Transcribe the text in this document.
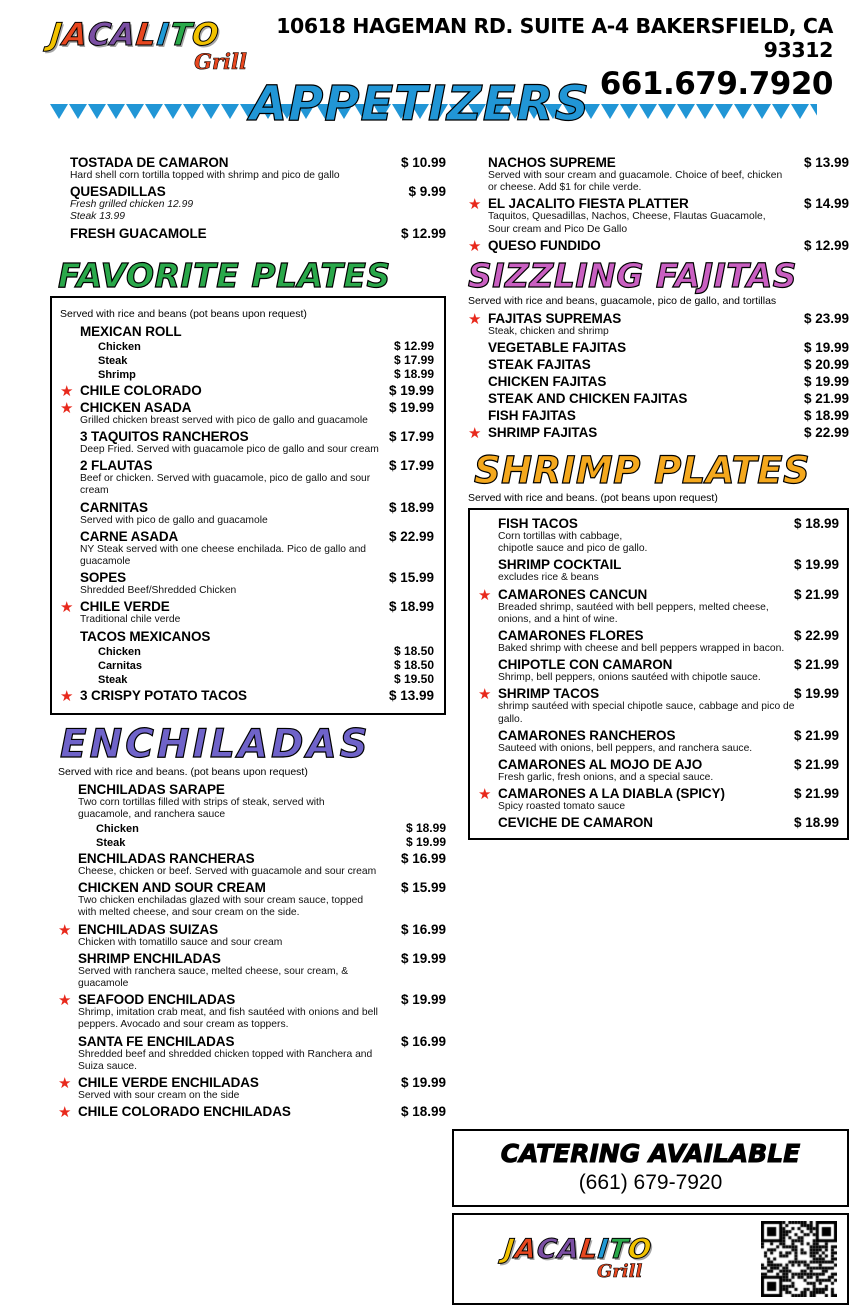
J
A
C
A
L
I
T
O
Grill
10618 HAGEMAN RD. SUITE A-4 BAKERSFIELD, CA 93312
661.679.7920
APPETIZERS
TOSTADA DE CAMARON	$ 10.99
Hard shell corn tortilla topped with shrimp and pico de gallo
QUESADILLAS	$ 9.99
Fresh grilled chicken 12.99
Steak 13.99
FRESH GUACAMOLE	$ 12.99
NACHOS SUPREME	$ 13.99
Served with sour cream and guacamole. Choice of beef, chicken or cheese. Add $1 for chile verde.
★ EL JACALITO FIESTA PLATTER	$ 14.99
Taquitos, Quesadillas, Nachos, Cheese, Flautas Guacamole, Sour cream and Pico De Gallo
★ QUESO FUNDIDO	$ 12.99
FAVORITE PLATES
Served with rice and beans (pot beans upon request)
MEXICAN ROLL
Chicken	$ 12.99
Steak	$ 17.99
Shrimp	$ 18.99
★ CHILE COLORADO	$ 19.99
★ CHICKEN ASADA	$ 19.99
Grilled chicken breast served with pico de gallo and guacamole
3 TAQUITOS RANCHEROS	$ 17.99
Deep Fried. Served with guacamole pico de gallo and sour cream
2 FLAUTAS	$ 17.99
Beef or chicken. Served with guacamole, pico de gallo and sour cream
CARNITAS	$ 18.99
Served with pico de gallo and guacamole
CARNE ASADA	$ 22.99
NY Steak served with one cheese enchilada. Pico de gallo and guacamole
SOPES	$ 15.99
Shredded Beef/Shredded Chicken
★ CHILE VERDE	$ 18.99
Traditional chile verde
TACOS MEXICANOS
Chicken	$ 18.50
Carnitas	$ 18.50
Steak	$ 19.50
★ 3 CRISPY POTATO TACOS	$ 13.99
ENCHILADAS
Served with rice and beans. (pot beans upon request)
ENCHILADAS SARAPE
Two corn tortillas filled with strips of steak, served with guacamole, and ranchera sauce
Chicken	$ 18.99
Steak	$ 19.99
ENCHILADAS RANCHERAS	$ 16.99
Cheese, chicken or beef. Served with guacamole and sour cream
CHICKEN AND SOUR CREAM	$ 15.99
Two chicken enchiladas glazed with sour cream sauce, topped with melted cheese, and sour cream on the side.
★ ENCHILADAS SUIZAS	$ 16.99
Chicken with tomatillo sauce and sour cream
SHRIMP ENCHILADAS	$ 19.99
Served with ranchera sauce, melted cheese, sour cream, & guacamole
★ SEAFOOD ENCHILADAS	$ 19.99
Shrimp, imitation crab meat, and fish sautéed with onions and bell peppers. Avocado and sour cream as toppers.
SANTA FE ENCHILADAS	$ 16.99
Shredded beef and shredded chicken topped with Ranchera and Suiza sauce.
★ CHILE VERDE ENCHILADAS	$ 19.99
Served with sour cream on the side
★ CHILE COLORADO ENCHILADAS	$ 18.99
SIZZLING FAJITAS
Served with rice and beans, guacamole, pico de gallo, and tortillas
★ FAJITAS SUPREMAS	$ 23.99
Steak, chicken and shrimp
VEGETABLE FAJITAS	$ 19.99
STEAK FAJITAS	$ 20.99
CHICKEN FAJITAS	$ 19.99
STEAK AND CHICKEN FAJITAS	$ 21.99
FISH FAJITAS	$ 18.99
★ SHRIMP FAJITAS	$ 22.99
SHRIMP PLATES
Served with rice and beans. (pot beans upon request)
FISH TACOS	$ 18.99
Corn tortillas with cabbage,
chipotle sauce and pico de gallo.
SHRIMP COCKTAIL	$ 19.99
excludes rice & beans
★ CAMARONES CANCUN	$ 21.99
Breaded shrimp, sautéed with bell peppers, melted cheese, onions, and a hint of wine.
CAMARONES FLORES	$ 22.99
Baked shrimp with cheese and bell peppers wrapped in bacon.
CHIPOTLE CON CAMARON	$ 21.99
Shrimp, bell peppers, onions sautéed with chipotle sauce.
★ SHRIMP TACOS	$ 19.99
shrimp sautéed with special chipotle sauce, cabbage and pico de gallo.
CAMARONES RANCHEROS	$ 21.99
Sauteed with onions, bell peppers, and ranchera sauce.
CAMARONES AL MOJO DE AJO	$ 21.99
Fresh garlic, fresh onions, and a special sauce.
★ CAMARONES A LA DIABLA (SPICY)	$ 21.99
Spicy roasted tomato sauce
CEVICHE DE CAMARON	$ 18.99
CATERING AVAILABLE
(661) 679-7920
J
A
C
A
L
I
T
O
Grill
